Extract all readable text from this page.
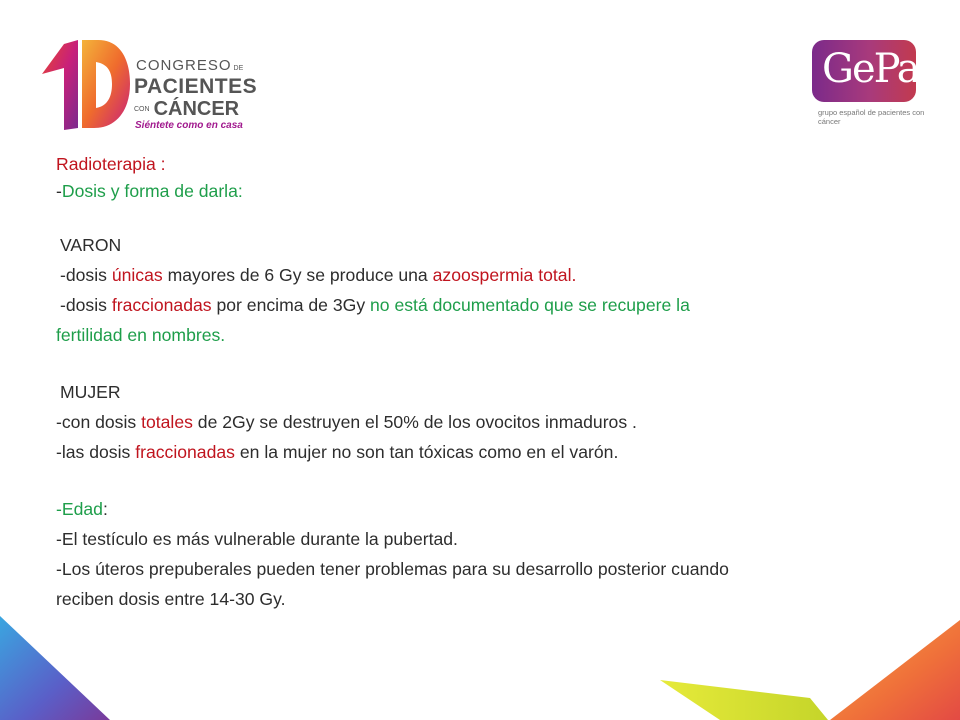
CONGRESO DE
PACIENTES
CON CÁNCER
Siéntete como en casa
GePac
grupo español de pacientes con cáncer
Radioterapia :
-Dosis y forma de darla:
VARON
-dosis únicas mayores de 6 Gy se produce una azoospermia total.
-dosis fraccionadas por encima de 3Gy no está documentado que se recupere la
fertilidad en nombres.
MUJER
-con dosis totales de 2Gy se destruyen el 50% de los ovocitos inmaduros .
-las dosis fraccionadas en la mujer no son tan tóxicas como en el varón.
-Edad:
-El testículo es más vulnerable durante la pubertad.
-Los úteros prepuberales pueden tener problemas para su desarrollo posterior cuando
reciben dosis entre 14-30 Gy.
